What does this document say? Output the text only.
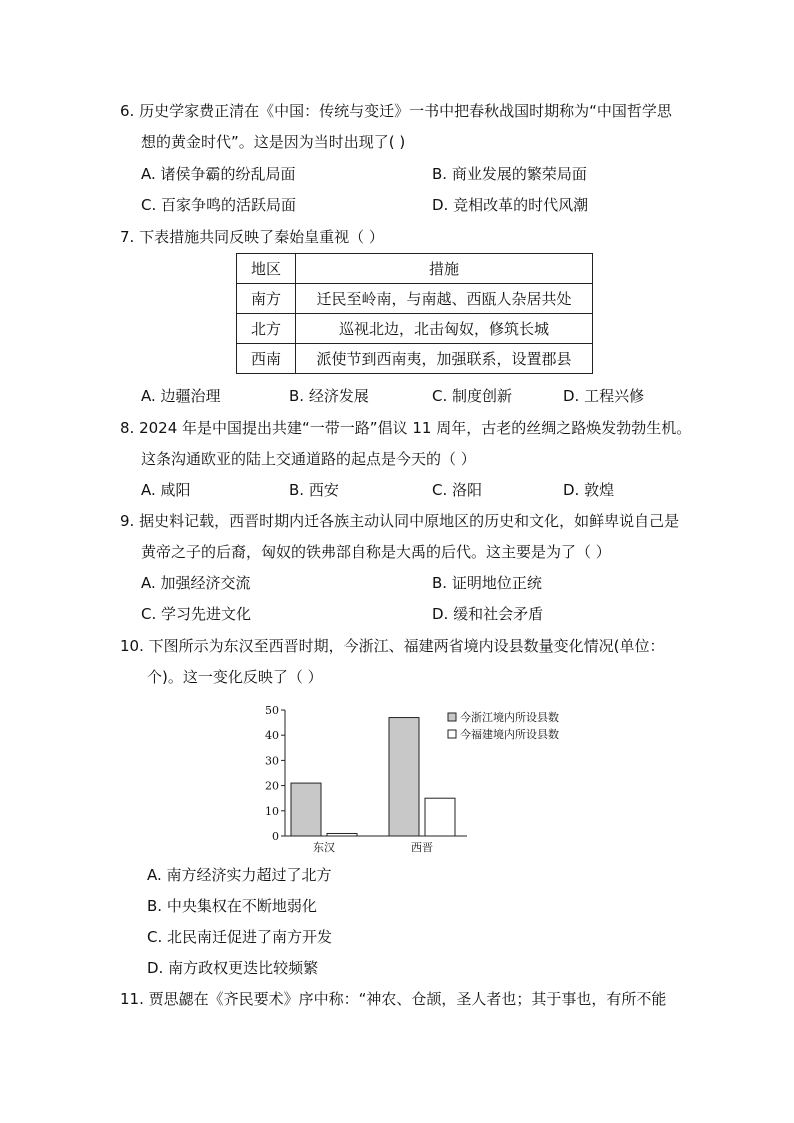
6. 历史学家费正清在《中国：传统与变迁》一书中把春秋战国时期称为“中国哲学思
想的黄金时代”。这是因为当时出现了( )
A. 诸侯争霸的纷乱局面	B. 商业发展的繁荣局面
C. 百家争鸣的活跃局面	D. 竞相改革的时代风潮
7. 下表措施共同反映了秦始皇重视（ ）
地区	措施
南方	迁民至岭南，与南越、西瓯人杂居共处
北方	巡视北边，北击匈奴，修筑长城
西南	派使节到西南夷，加强联系，设置郡县
A. 边疆治理	B. 经济发展	C. 制度创新	D. 工程兴修
8. 2024 年是中国提出共建“一带一路”倡议 11 周年，古老的丝绸之路焕发勃勃生机。
这条沟通欧亚的陆上交通道路的起点是今天的（ ）
A. 咸阳	B. 西安	C. 洛阳	D. 敦煌
9. 据史料记载，西晋时期内迁各族主动认同中原地区的历史和文化，如鲜卑说自己是
黄帝之子的后裔，匈奴的铁弗部自称是大禹的后代。这主要是为了（ ）
A. 加强经济交流	B. 证明地位正统
C. 学习先进文化	D. 缓和社会矛盾
10. 下图所示为东汉至西晋时期，今浙江、福建两省境内设县数量变化情况(单位：
个)。这一变化反映了（ ）
0
10
20
30
40
50
东汉	西晋
今浙江境内所设县数
今福建境内所设县数
A. 南方经济实力超过了北方
B. 中央集权在不断地弱化
C. 北民南迁促进了南方开发
D. 南方政权更迭比较频繁
11. 贾思勰在《齐民要术》序中称：“神农、仓颉，圣人者也；其于事也，有所不能
